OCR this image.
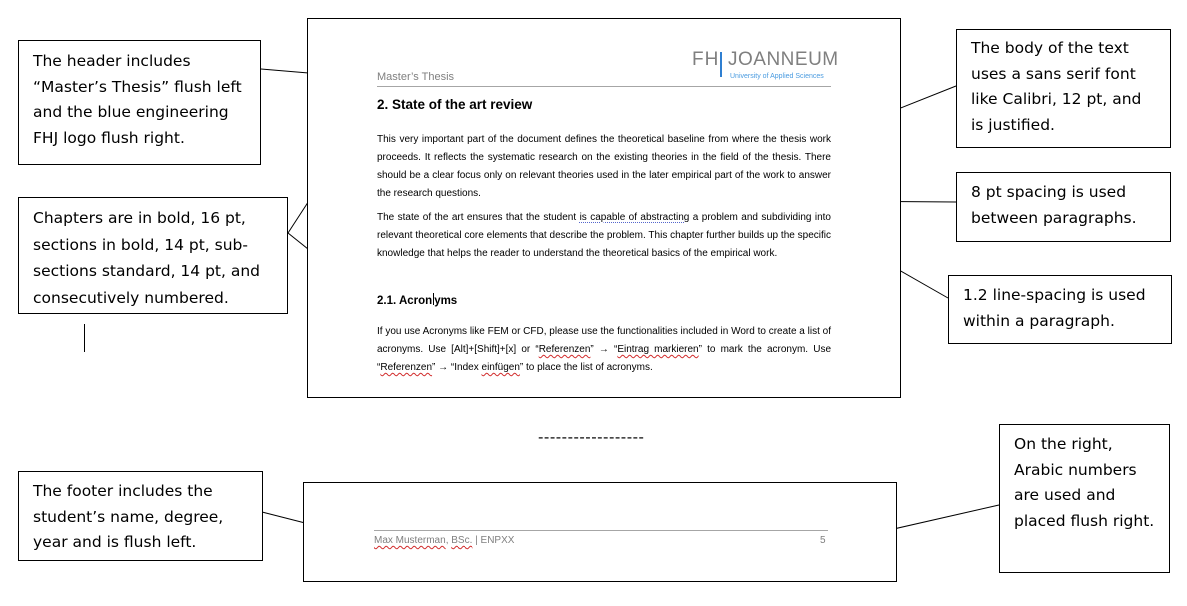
The header includes “Master’s Thesis” flush left and the blue engineering FHJ logo flush right.
Chapters are in bold, 16 pt, sections in bold, 14 pt, sub-sections standard, 14 pt, and consecutively numbered.
The body of the text uses a sans serif font like Calibri, 12 pt, and is justified.
8 pt spacing is used between paragraphs.
1.2 line-spacing is used within a paragraph.
The footer includes the student’s name, degree, year and is flush left.
On the right, Arabic numbers are used and placed flush right.
Master’s Thesis
FH JOANNEUM
University of Applied Sciences
2. State of the art review
This very important part of the document defines the theoretical baseline from where the thesis work proceeds. It reflects the systematic research on the existing theories in the field of the thesis. There should be a clear focus only on relevant theories used in the later empirical part of the work to answer the research questions.
The state of the art ensures that the student is capable of abstracting a problem and subdividing into relevant theoretical core elements that describe the problem. This chapter further builds up the specific knowledge that helps the reader to understand the theoretical basics of the empirical work.
2.1. Acron yms
If you use Acronyms like FEM or CFD, please use the functionalities included in Word to create a list of acronyms. Use [Alt]+[Shift]+[x] or “Referenzen” → “Eintrag markieren” to mark the acronym. Use “Referenzen” → “Index einfügen” to place the list of acronyms.
------------------
Max Musterman, BSc. | ENPXX	5
